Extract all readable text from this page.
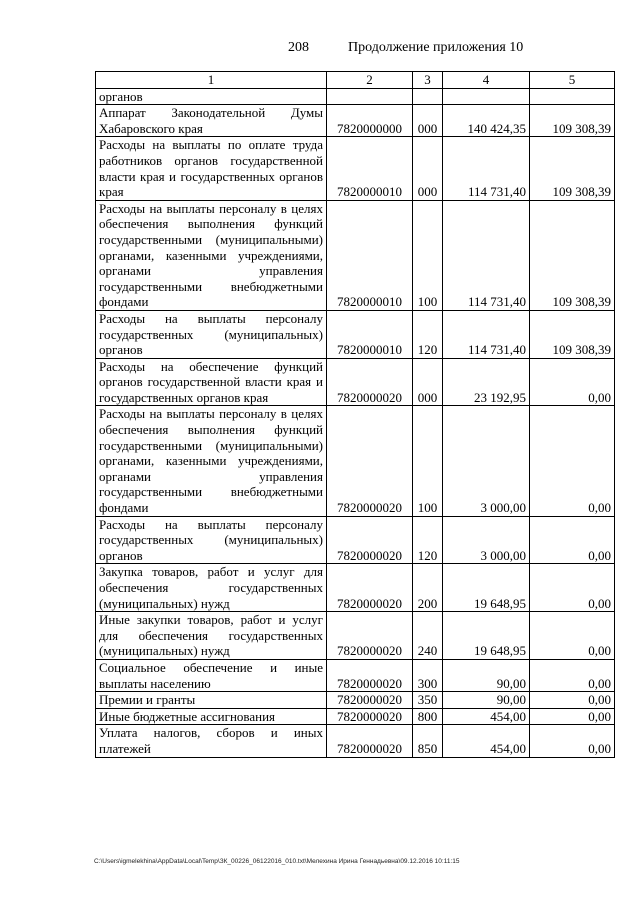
208	Продолжение приложения 10
1	2	3	4	5
органов				
Аппарат Законодательной Думы Хабаровского края	7820000000	000	140 424,35	109 308,39
Расходы на выплаты по оплате труда работников органов государственной власти края и государственных органов края	7820000010	000	114 731,40	109 308,39
Расходы на выплаты персоналу в целях обеспечения выполнения функций государственными (муниципальными) органами, казенными учреждениями, органами управления государственными внебюджетными фондами	7820000010	100	114 731,40	109 308,39
Расходы на выплаты персоналу государственных (муниципальных) органов	7820000010	120	114 731,40	109 308,39
Расходы на обеспечение функций органов государственной власти края и государственных органов края	7820000020	000	23 192,95	0,00
Расходы на выплаты персоналу в целях обеспечения выполнения функций государственными (муниципальными) органами, казенными учреждениями, органами управления государственными внебюджетными фондами	7820000020	100	3 000,00	0,00
Расходы на выплаты персоналу государственных (муниципальных) органов	7820000020	120	3 000,00	0,00
Закупка товаров, работ и услуг для обеспечения государственных (муниципальных) нужд	7820000020	200	19 648,95	0,00
Иные закупки товаров, работ и услуг для обеспечения государственных (муниципальных) нужд	7820000020	240	19 648,95	0,00
Социальное обеспечение и иные выплаты населению	7820000020	300	90,00	0,00
Премии и гранты	7820000020	350	90,00	0,00
Иные бюджетные ассигнования	7820000020	800	454,00	0,00
Уплата налогов, сборов и иных платежей	7820000020	850	454,00	0,00
C:\Users\igmelekhina\AppData\Local\Temp\ЗК_00226_06122016_010.txt\Мелехина Ирина Геннадьевна\09.12.2016 10:11:15
